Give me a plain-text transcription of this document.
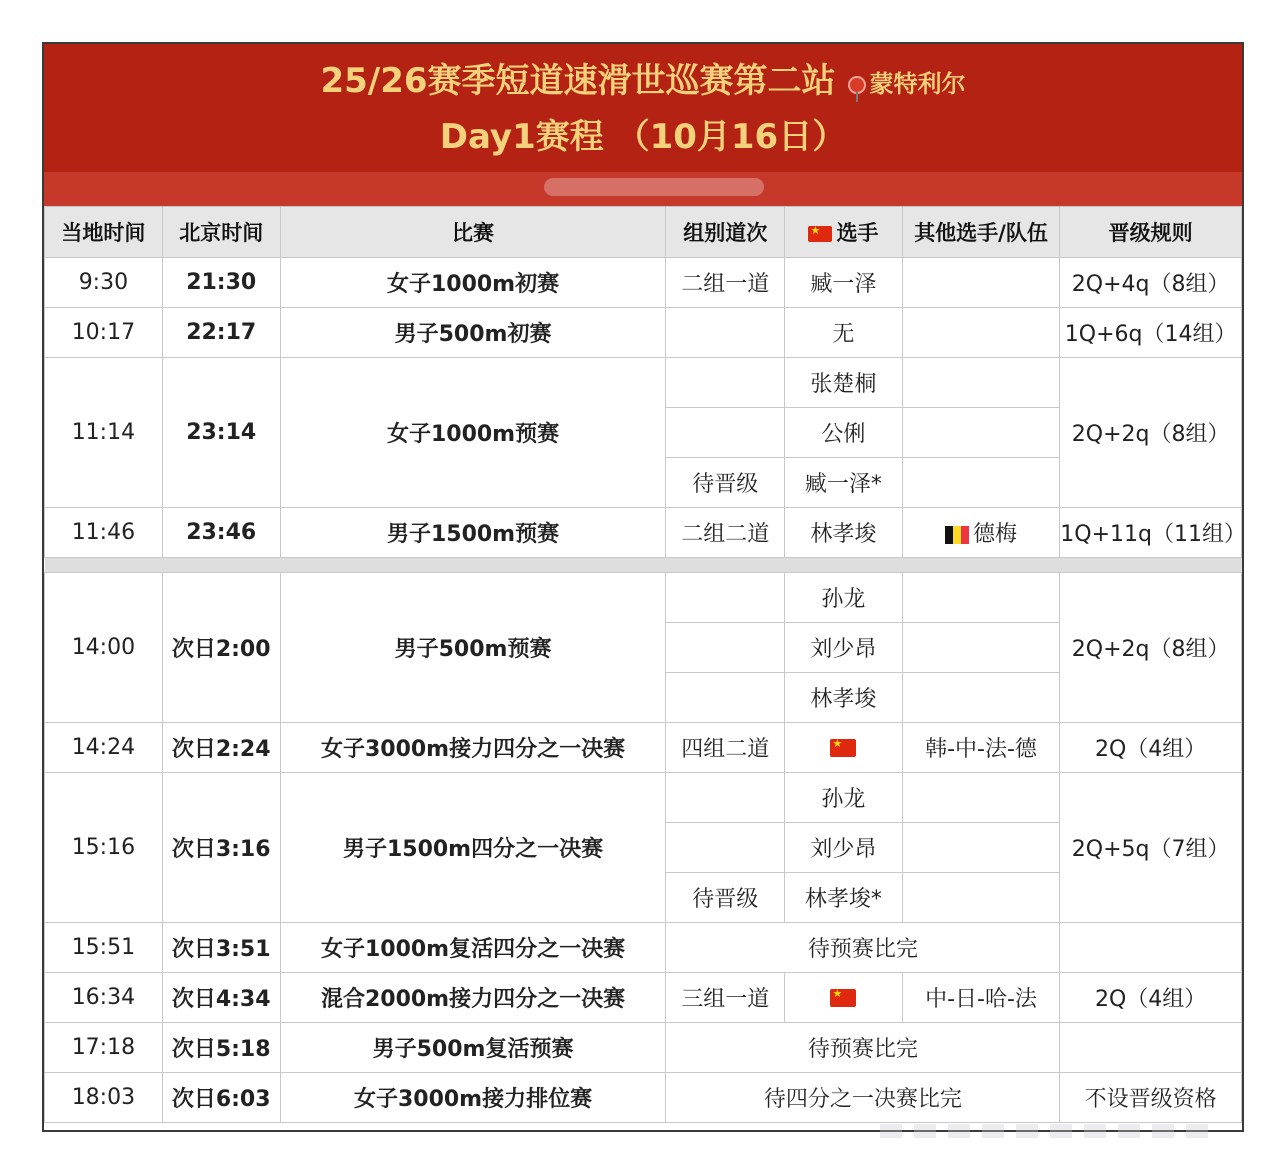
25/26赛季短道速滑世巡赛第二站 蒙特利尔
Day1赛程 （10月16日）
当地时间	北京时间	比赛	组别道次	★选手	其他选手/队伍	晋级规则
9:30	21:30	女子1000m初赛	二组一道	臧一泽		2Q+4q（8组）
10:17	22:17	男子500m初赛		无		1Q+6q（14组）
11:14	23:14	女子1000m预赛		张楚桐		2Q+2q（8组）
				公俐		
			待晋级	臧一泽*		
11:46	23:46	男子1500m预赛	二组二道	林孝埈	德梅	1Q+11q（11组）

14:00	次日2:00	男子500m预赛		孙龙		2Q+2q（8组）
				刘少昂		
				林孝埈		
14:24	次日2:24	女子3000m接力四分之一决赛	四组二道	★	韩-中-法-德	2Q（4组）
15:16	次日3:16	男子1500m四分之一决赛		孙龙		2Q+5q（7组）
				刘少昂		
			待晋级	林孝埈*		
15:51	次日3:51	女子1000m复活四分之一决赛	待预赛比完			
16:34	次日4:34	混合2000m接力四分之一决赛	三组一道	★	中-日-哈-法	2Q（4组）
17:18	次日5:18	男子500m复活预赛	待预赛比完			
18:03	次日6:03	女子3000m接力排位赛	待四分之一决赛比完			不设晋级资格
